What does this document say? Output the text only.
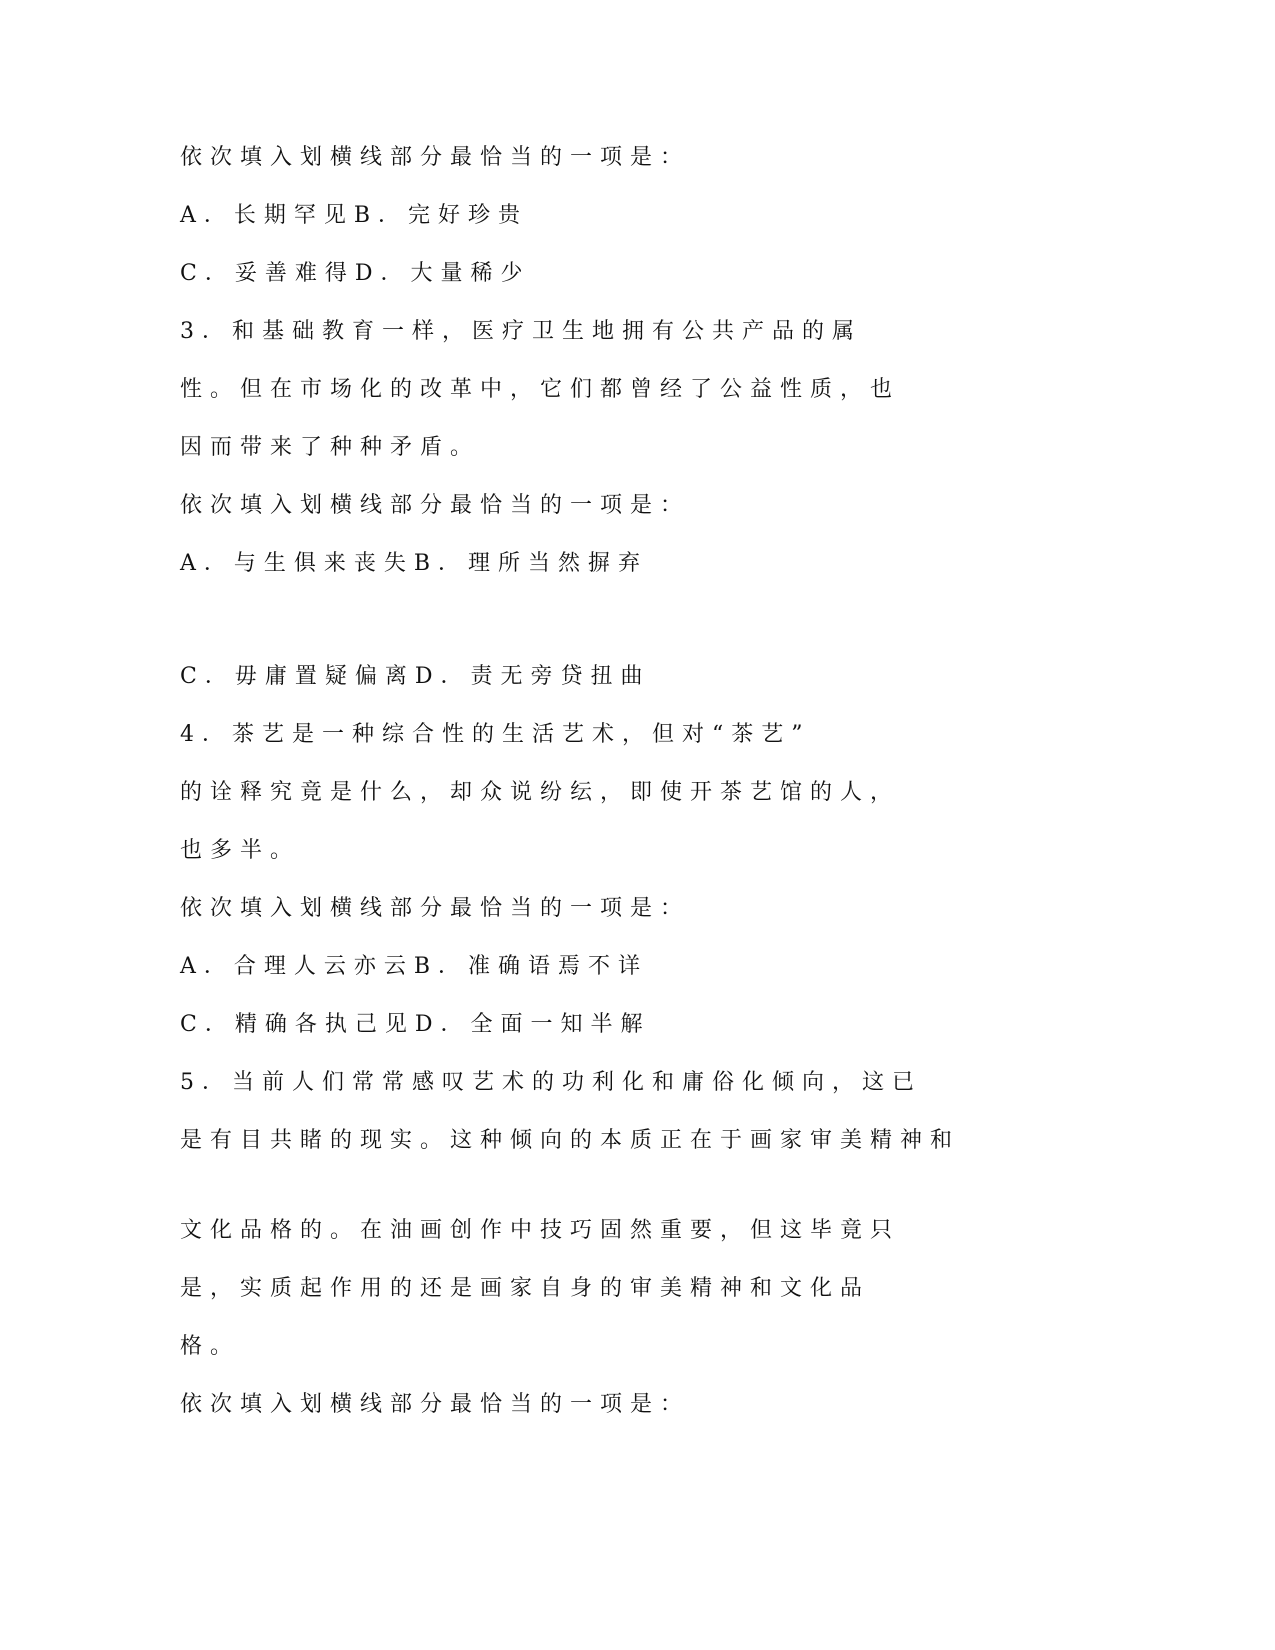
依次填入划横线部分最恰当的一项是：
A．长期罕见B．完好珍贵
C．妥善难得D．大量稀少
3．和基础教育一样，医疗卫生地拥有公共产品的属
性。但在市场化的改革中，它们都曾经了公益性质，也
因而带来了种种矛盾。
依次填入划横线部分最恰当的一项是：
A．与生俱来丧失B．理所当然摒弃
C．毋庸置疑偏离D．责无旁贷扭曲
4．茶艺是一种综合性的生活艺术，但对“茶艺”
的诠释究竟是什么，却众说纷纭，即使开茶艺馆的人，
也多半。
依次填入划横线部分最恰当的一项是：
A．合理人云亦云B．准确语焉不详
C．精确各执己见D．全面一知半解
5．当前人们常常感叹艺术的功利化和庸俗化倾向，这已
是有目共睹的现实。这种倾向的本质正在于画家审美精神和
文化品格的。在油画创作中技巧固然重要，但这毕竟只
是，实质起作用的还是画家自身的审美精神和文化品
格。
依次填入划横线部分最恰当的一项是：
